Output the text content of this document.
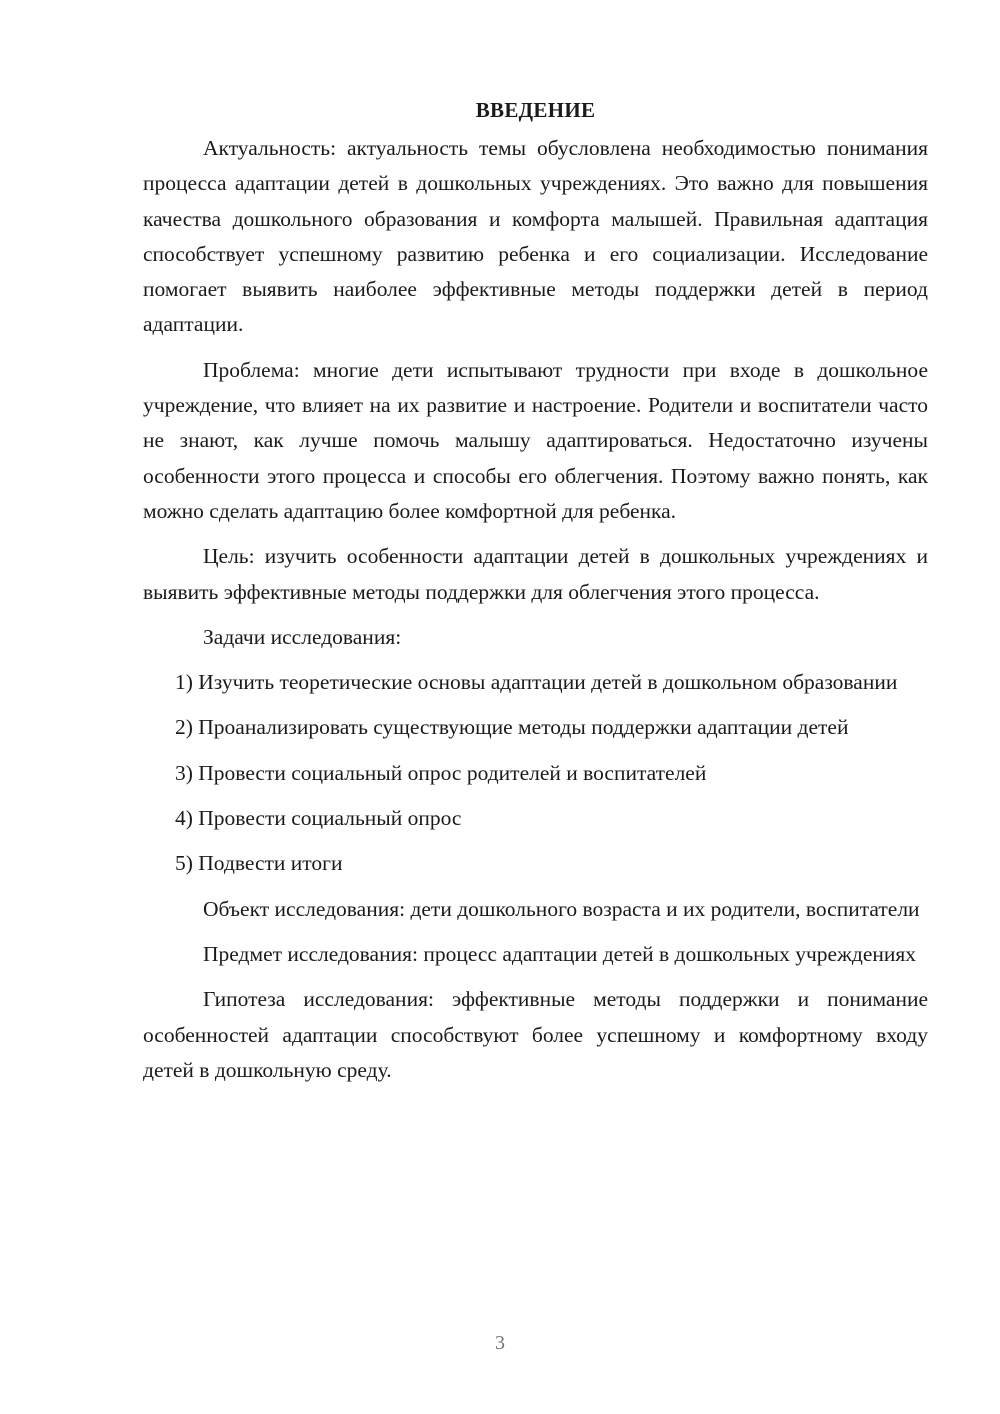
ВВЕДЕНИЕ

Актуальность: актуальность темы обусловлена необходимостью понимания процесса адаптации детей в дошкольных учреждениях. Это важно для повышения качества дошкольного образования и комфорта малышей. Правильная адаптация способствует успешному развитию ребенка и его социализации. Исследование помогает выявить наиболее эффективные методы поддержки детей в период адаптации.

Проблема: многие дети испытывают трудности при входе в дошкольное учреждение, что влияет на их развитие и настроение. Родители и воспитатели часто не знают, как лучше помочь малышу адаптироваться. Недостаточно изучены особенности этого процесса и способы его облегчения. Поэтому важно понять, как можно сделать адаптацию более комфортной для ребенка.

Цель: изучить особенности адаптации детей в дошкольных учреждениях и выявить эффективные методы поддержки для облегчения этого процесса.

Задачи исследования:

1) Изучить теоретические основы адаптации детей в дошкольном образовании

2) Проанализировать существующие методы поддержки адаптации детей

3) Провести социальный опрос родителей и воспитателей

4) Провести социальный опрос

5) Подвести итоги

Объект исследования: дети дошкольного возраста и их родители, воспитатели

Предмет исследования: процесс адаптации детей в дошкольных учреждениях

Гипотеза исследования: эффективные методы поддержки и понимание особенностей адаптации способствуют более успешному и комфортному входу детей в дошкольную среду.

3
